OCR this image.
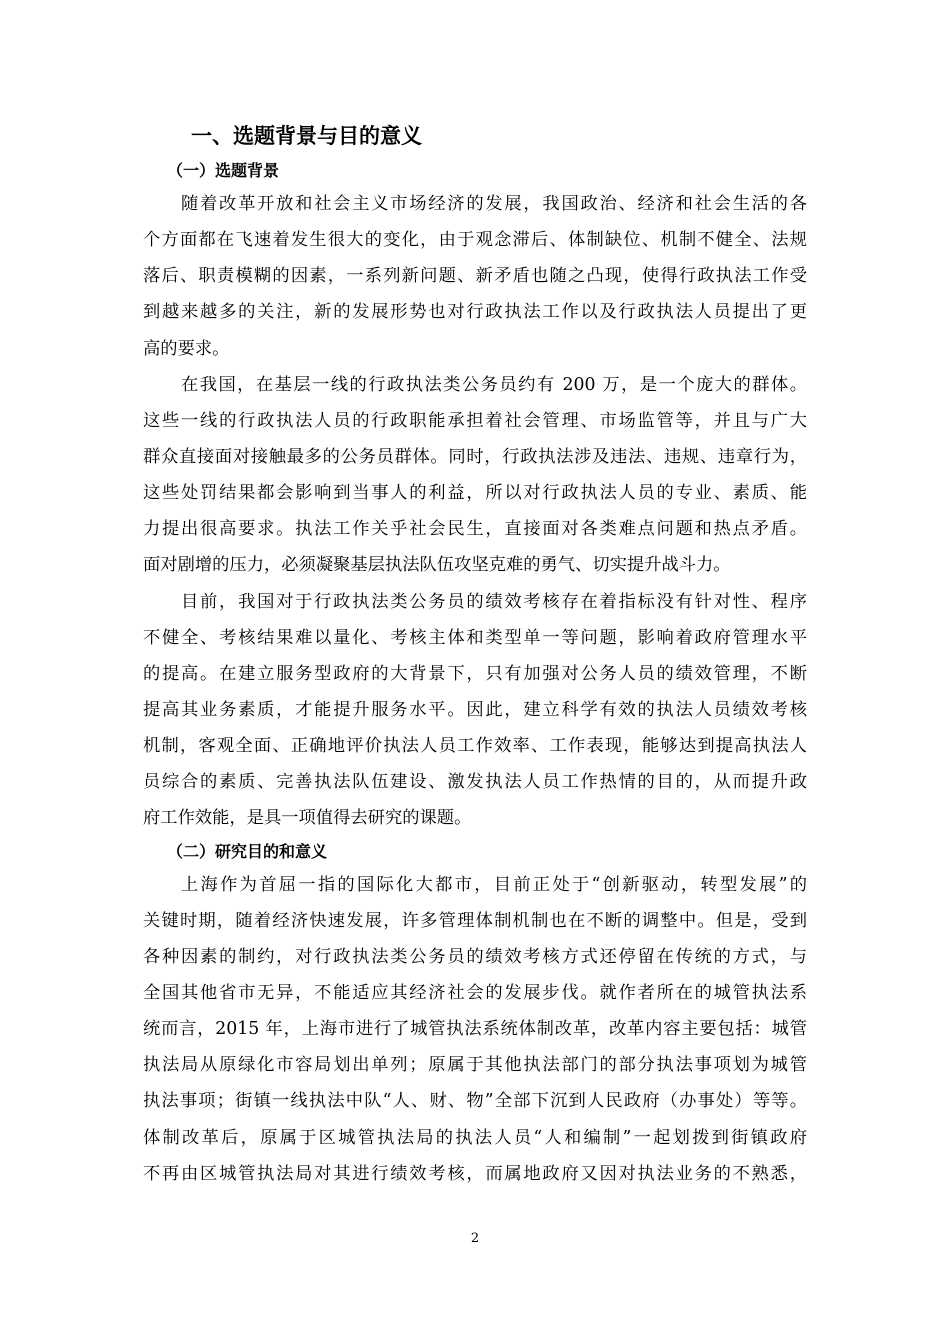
一、选题背景与目的意义
（一）选题背景
随着改革开放和社会主义市场经济的发展，我国政治、经济和社会生活的各
个方面都在飞速着发生很大的变化，由于观念滞后、体制缺位、机制不健全、法规
落后、职责模糊的因素，一系列新问题、新矛盾也随之凸现，使得行政执法工作受
到越来越多的关注，新的发展形势也对行政执法工作以及行政执法人员提出了更
高的要求。
在我国，在基层一线的行政执法类公务员约有 200 万，是一个庞大的群体。
这些一线的行政执法人员的行政职能承担着社会管理、市场监管等，并且与广大
群众直接面对接触最多的公务员群体。同时，行政执法涉及违法、违规、违章行为，
这些处罚结果都会影响到当事人的利益，所以对行政执法人员的专业、素质、能
力提出很高要求。执法工作关乎社会民生，直接面对各类难点问题和热点矛盾。
面对剧增的压力，必须凝聚基层执法队伍攻坚克难的勇气、切实提升战斗力。
目前，我国对于行政执法类公务员的绩效考核存在着指标没有针对性、程序
不健全、考核结果难以量化、考核主体和类型单一等问题，影响着政府管理水平
的提高。在建立服务型政府的大背景下，只有加强对公务人员的绩效管理，不断
提高其业务素质，才能提升服务水平。因此，建立科学有效的执法人员绩效考核
机制，客观全面、正确地评价执法人员工作效率、工作表现，能够达到提高执法人
员综合的素质、完善执法队伍建设、激发执法人员工作热情的目的，从而提升政
府工作效能，是具一项值得去研究的课题。
（二）研究目的和意义
上海作为首屈一指的国际化大都市，目前正处于“创新驱动，转型发展”的
关键时期，随着经济快速发展，许多管理体制机制也在不断的调整中。但是，受到
各种因素的制约，对行政执法类公务员的绩效考核方式还停留在传统的方式，与
全国其他省市无异，不能适应其经济社会的发展步伐。就作者所在的城管执法系
统而言，2015 年，上海市进行了城管执法系统体制改革，改革内容主要包括：城管
执法局从原绿化市容局划出单列；原属于其他执法部门的部分执法事项划为城管
执法事项；街镇一线执法中队“人、财、物”全部下沉到人民政府（办事处）等等。
体制改革后，原属于区城管执法局的执法人员“人和编制”一起划拨到街镇政府
不再由区城管执法局对其进行绩效考核，而属地政府又因对执法业务的不熟悉，
2
